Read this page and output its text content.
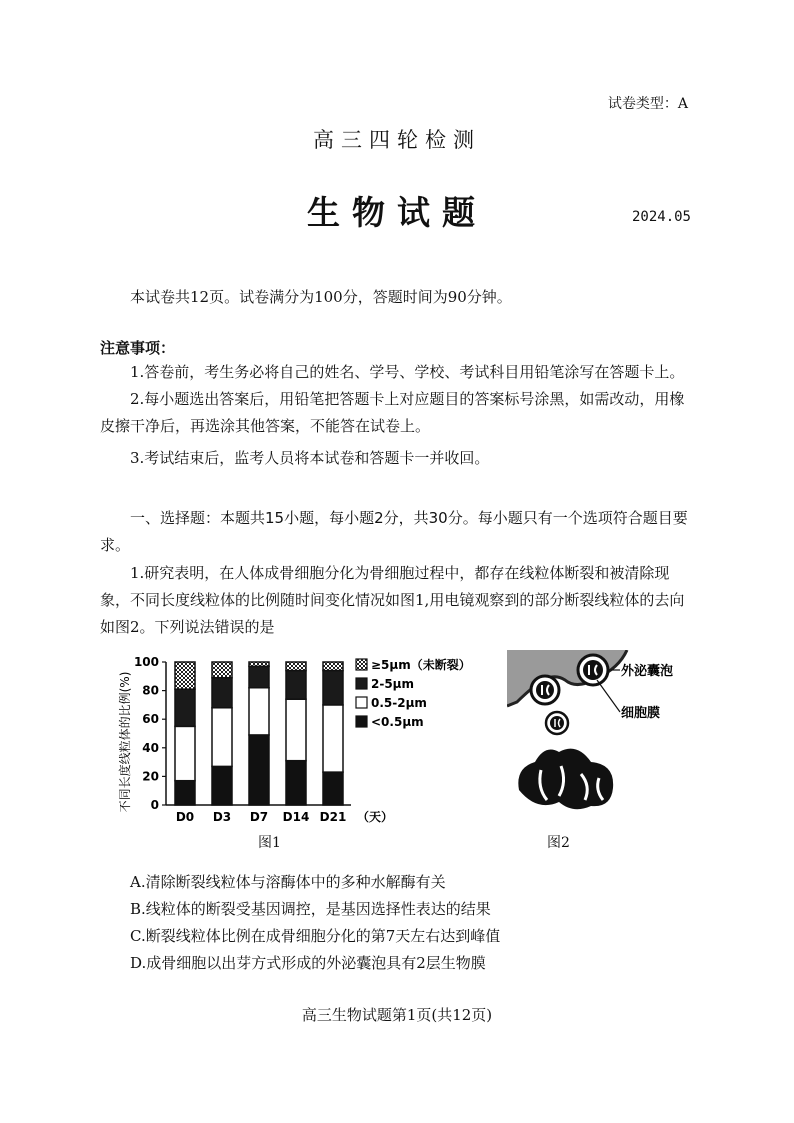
试卷类型：A
高三四轮检测
生物试题	2024.05
本试卷共12页。试卷满分为100分，答题时间为90分钟。
注意事项：
1.答卷前，考生务必将自己的姓名、学号、学校、考试科目用铅笔涂写在答题卡上。
2.每小题选出答案后，用铅笔把答题卡上对应题目的答案标号涂黑，如需改动，用橡皮擦干净后，再选涂其他答案，不能答在试卷上。
3.考试结束后，监考人员将本试卷和答题卡一并收回。
一、选择题：本题共15小题，每小题2分，共30分。每小题只有一个选项符合题目要求。
1.研究表明，在人体成骨细胞分化为骨细胞过程中，都存在线粒体断裂和被清除现象，不同长度线粒体的比例随时间变化情况如图1,用电镜观察到的部分断裂线粒体的去向如图2。下列说法错误的是
不同长度线粒体的比例(%) 0
20
40
60
80
100
D0 D3 D7 D14 D21 （天）
≥5μm（未断裂）
2-5μm
0.5-2μm
<0.5μm
图1
外泌囊泡
细胞膜
图2
A.清除断裂线粒体与溶酶体中的多种水解酶有关
B.线粒体的断裂受基因调控，是基因选择性表达的结果
C.断裂线粒体比例在成骨细胞分化的第7天左右达到峰值
D.成骨细胞以出芽方式形成的外泌囊泡具有2层生物膜
高三生物试题第1页(共12页)
